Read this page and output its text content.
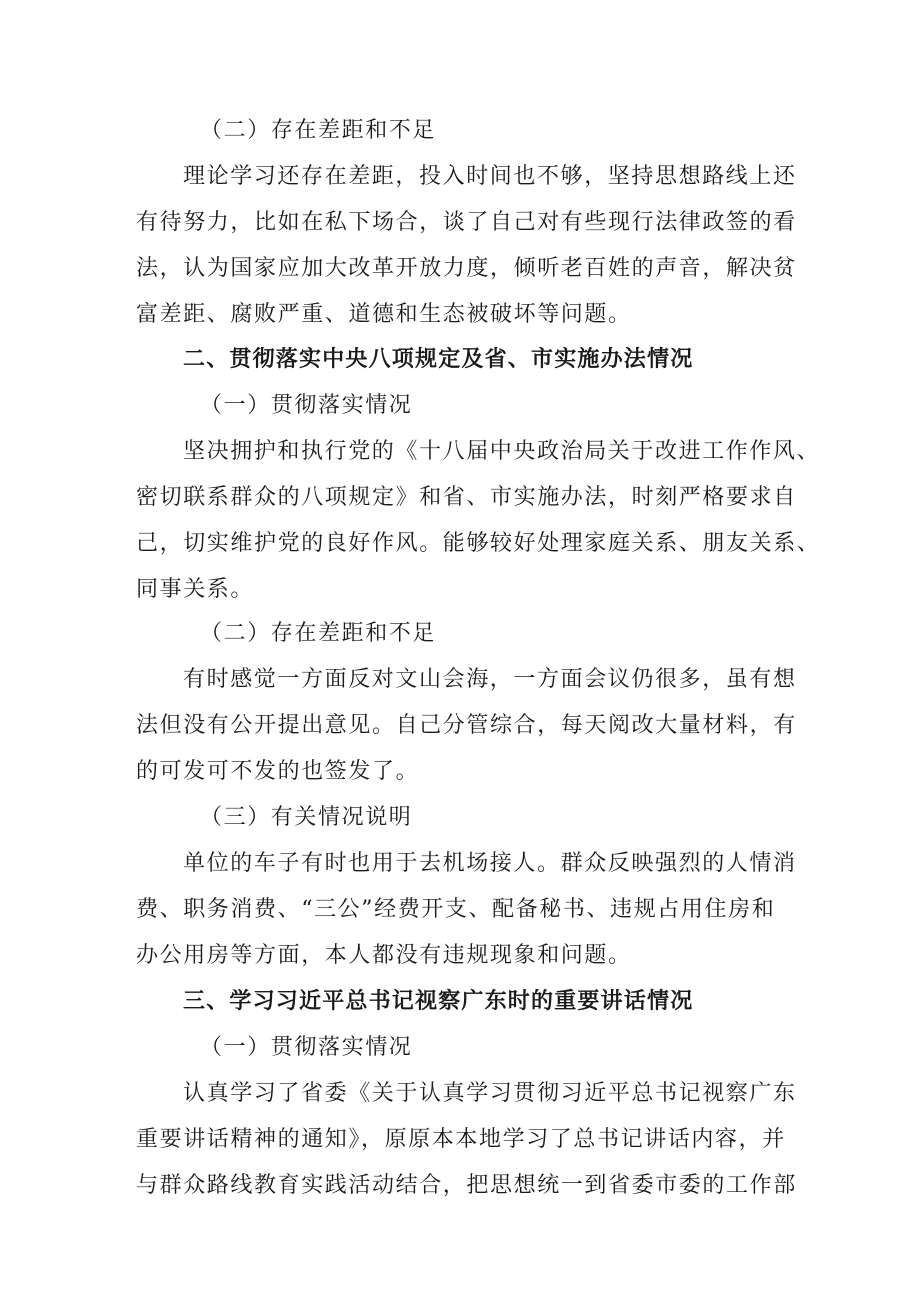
（二）存在差距和不足

理论学习还存在差距，投入时间也不够，坚持思想路线上还

有待努力，比如在私下场合，谈了自己对有些现行法律政签的看

法，认为国家应加大改革开放力度，倾听老百姓的声音，解决贫

富差距、腐败严重、道德和生态被破坏等问题。

二、贯彻落实中央八项规定及省、市实施办法情况

（一）贯彻落实情况

坚决拥护和执行党的《十八届中央政治局关于改进工作作风、

密切联系群众的八项规定》和省、市实施办法，时刻严格要求自

己，切实维护党的良好作风。能够较好处理家庭关系、朋友关系、

同事关系。

（二）存在差距和不足

有时感觉一方面反对文山会海，一方面会议仍很多，虽有想

法但没有公开提出意见。自己分管综合，每天阅改大量材料，有

的可发可不发的也签发了。

（三）有关情况说明

单位的车子有时也用于去机场接人。群众反映强烈的人情消

费、职务消费、“三公”经费开支、配备秘书、违规占用住房和

办公用房等方面，本人都没有违规现象和问题。

三、学习习近平总书记视察广东时的重要讲话情况

（一）贯彻落实情况

认真学习了省委《关于认真学习贯彻习近平总书记视察广东

重要讲话精神的通知》，原原本本地学习了总书记讲话内容，并

与群众路线教育实践活动结合，把思想统一到省委市委的工作部
